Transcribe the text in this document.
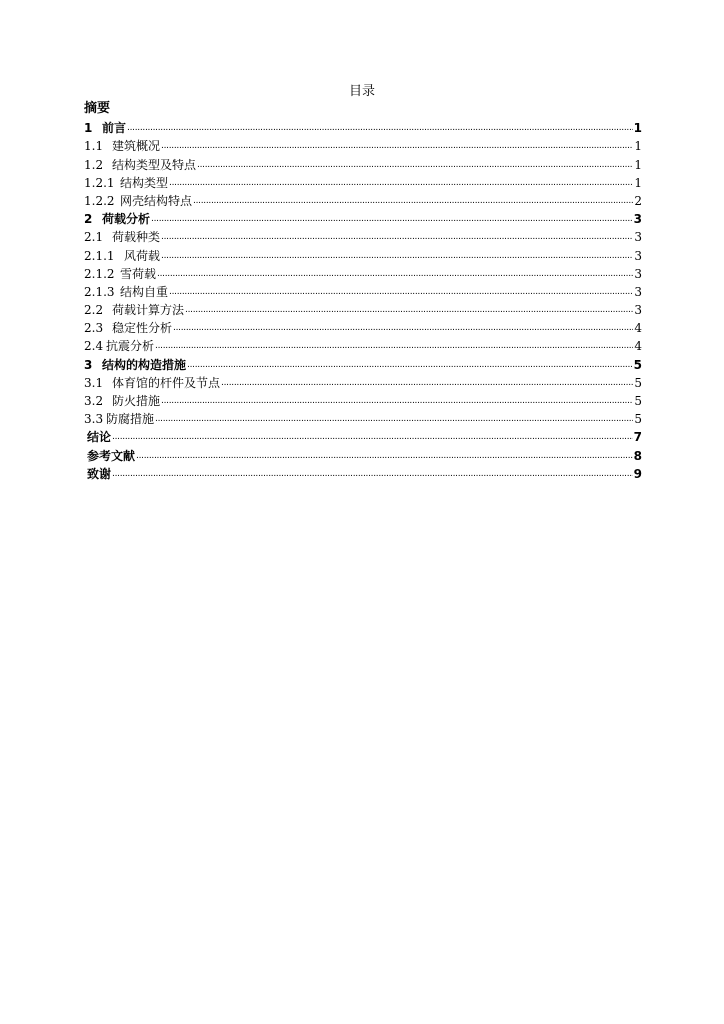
目录
摘要
1 前言 .....	1
1.1 建筑概况 .....	1
1.2 结构类型及特点 .....	1
1.2.1 结构类型 .....	1
1.2.2 网壳结构特点 .....	2
2 荷载分析 .....	3
2.1 荷载种类 .....	3
2.1.1 风荷载 .....	3
2.1.2 雪荷载 .....	3
2.1.3 结构自重 .....	3
2.2 荷载计算方法 .....	3
2.3 稳定性分析 .....	4
2.4 抗震分析 .....	4
3 结构的构造措施 .....	5
3.1 体育馆的杆件及节点 .....	5
3.2 防火措施 .....	5
3.3 防腐措施 .....	5
结论 .....	7
参考文献 .....	8
致谢 .....	9
